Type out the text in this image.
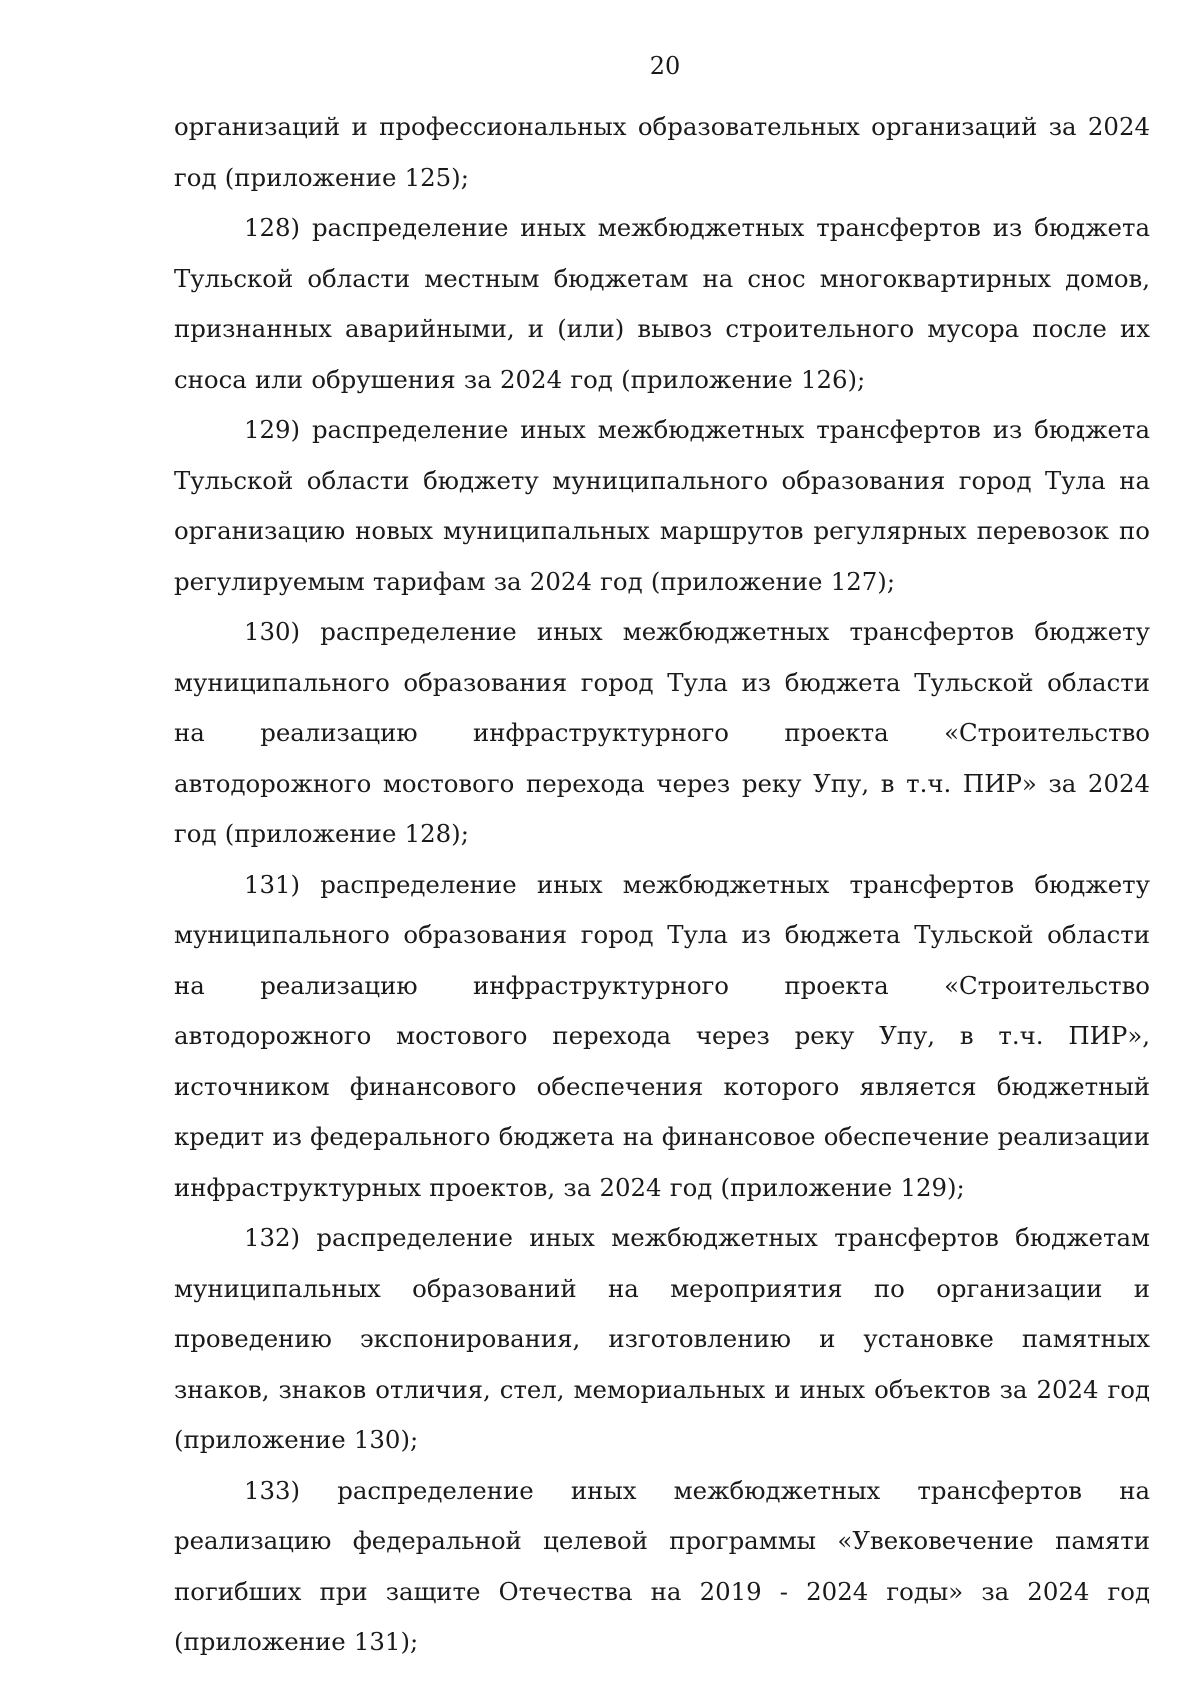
20

организаций и профессиональных образовательных организаций за 2024 год (приложение 125);

128) распределение иных межбюджетных трансфертов из бюджета Тульской области местным бюджетам на снос многоквартирных домов, признанных аварийными, и (или) вывоз строительного мусора после их сноса или обрушения за 2024 год (приложение 126);

129) распределение иных межбюджетных трансфертов из бюджета Тульской области бюджету муниципального образования город Тула на организацию новых муниципальных маршрутов регулярных перевозок по регулируемым тарифам за 2024 год (приложение 127);

130) распределение иных межбюджетных трансфертов бюджету муниципального образования город Тула из бюджета Тульской области на реализацию инфраструктурного проекта «Строительство автодорожного мостового перехода через реку Упу, в т.ч. ПИР» за 2024 год (приложение 128);

131) распределение иных межбюджетных трансфертов бюджету муниципального образования город Тула из бюджета Тульской области на реализацию инфраструктурного проекта «Строительство автодорожного мостового перехода через реку Упу, в т.ч. ПИР», источником финансового обеспечения которого является бюджетный кредит из федерального бюджета на финансовое обеспечение реализации инфраструктурных проектов, за 2024 год (приложение 129);

132) распределение иных межбюджетных трансфертов бюджетам муниципальных образований на мероприятия по организации и проведению экспонирования, изготовлению и установке памятных знаков, знаков отличия, стел, мемориальных и иных объектов за 2024 год (приложение 130);

133) распределение иных межбюджетных трансфертов на реализацию федеральной целевой программы «Увековечение памяти погибших при защите Отечества на 2019 - 2024 годы» за 2024 год (приложение 131);
